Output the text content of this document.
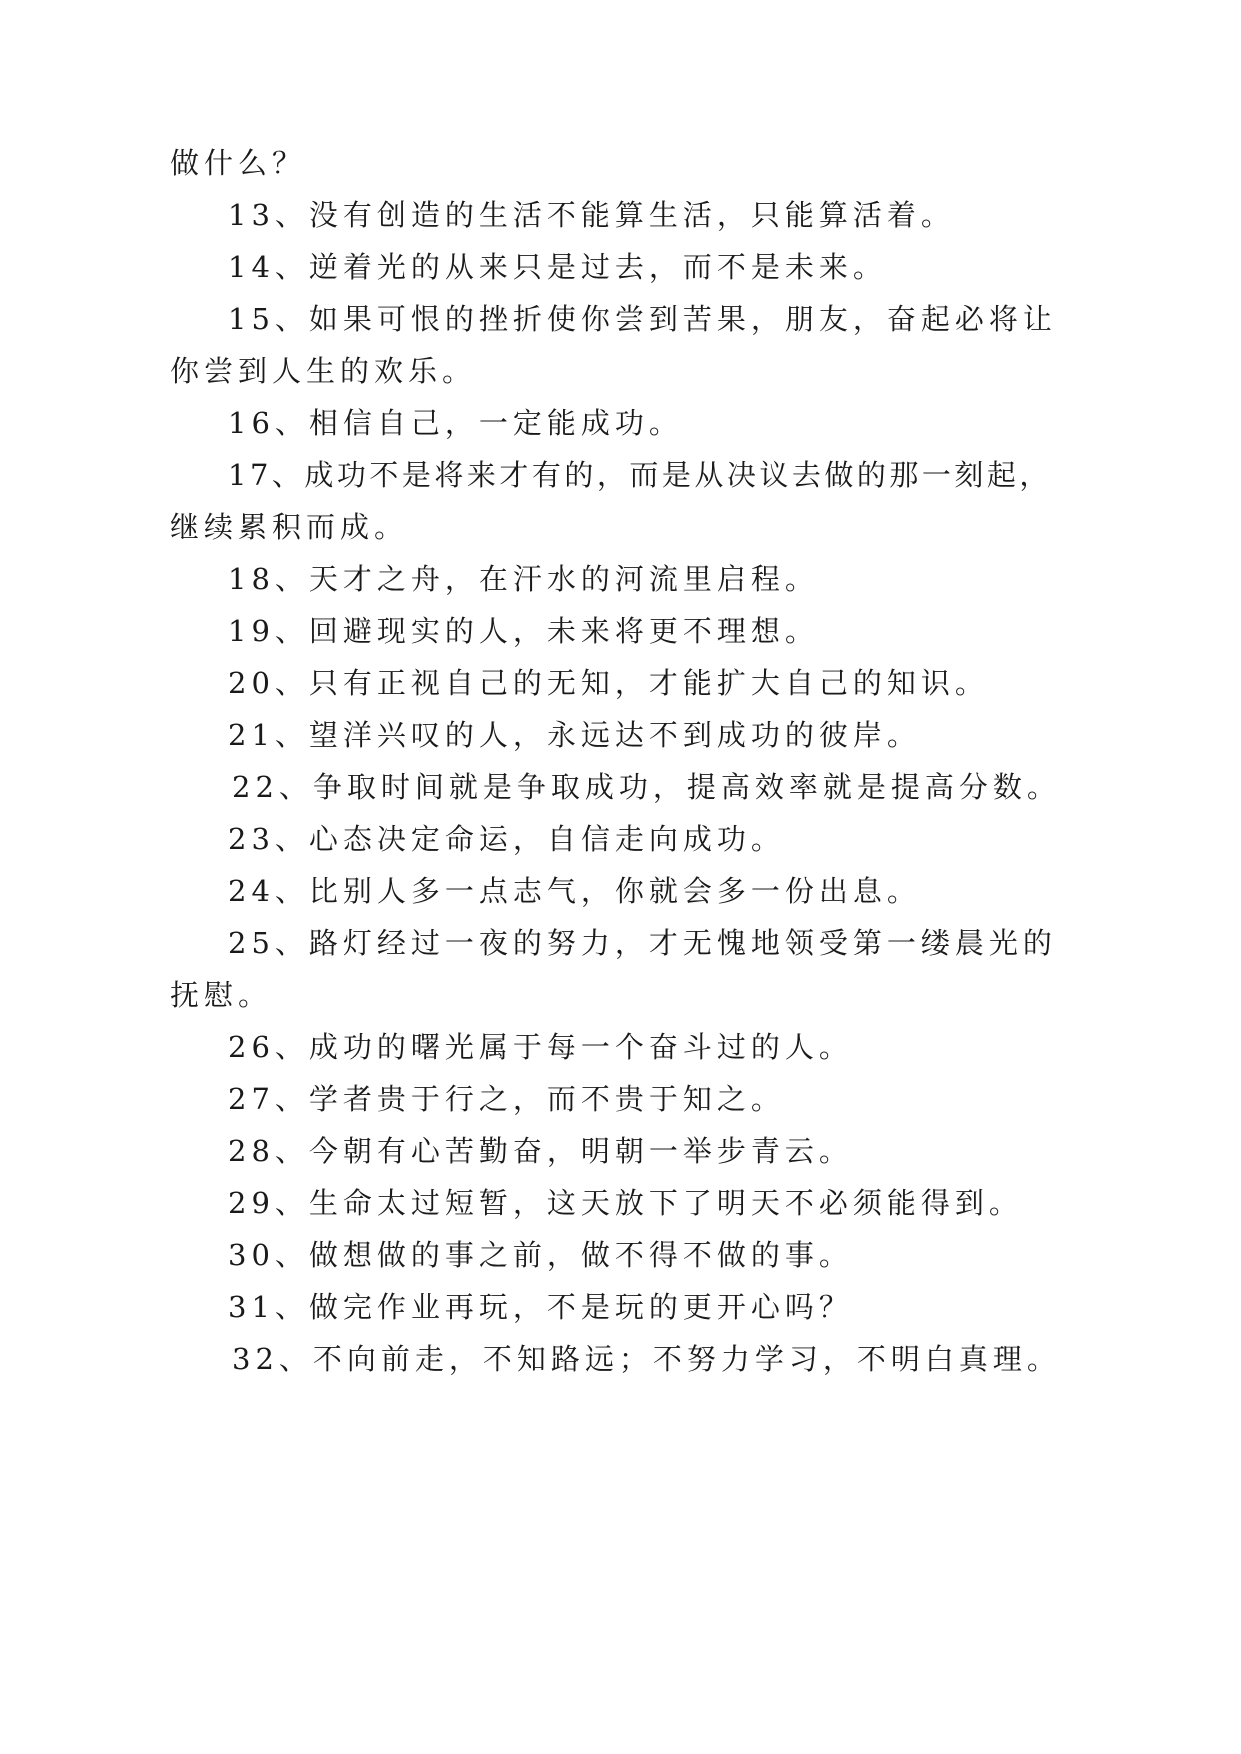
做什么？
13、没有创造的生活不能算生活，只能算活着。
14、逆着光的从来只是过去，而不是未来。
15、如果可恨的挫折使你尝到苦果，朋友，奋起必将让
你尝到人生的欢乐。
16、相信自己，一定能成功。
17、成功不是将来才有的，而是从决议去做的那一刻起，
继续累积而成。
18、天才之舟，在汗水的河流里启程。
19、回避现实的人，未来将更不理想。
20、只有正视自己的无知，才能扩大自己的知识。
21、望洋兴叹的人，永远达不到成功的彼岸。
22、争取时间就是争取成功，提高效率就是提高分数。
23、心态决定命运，自信走向成功。
24、比别人多一点志气，你就会多一份出息。
25、路灯经过一夜的努力，才无愧地领受第一缕晨光的
抚慰。
26、成功的曙光属于每一个奋斗过的人。
27、学者贵于行之，而不贵于知之。
28、今朝有心苦勤奋，明朝一举步青云。
29、生命太过短暂，这天放下了明天不必须能得到。
30、做想做的事之前，做不得不做的事。
31、做完作业再玩，不是玩的更开心吗？
32、不向前走，不知路远；不努力学习，不明白真理。
